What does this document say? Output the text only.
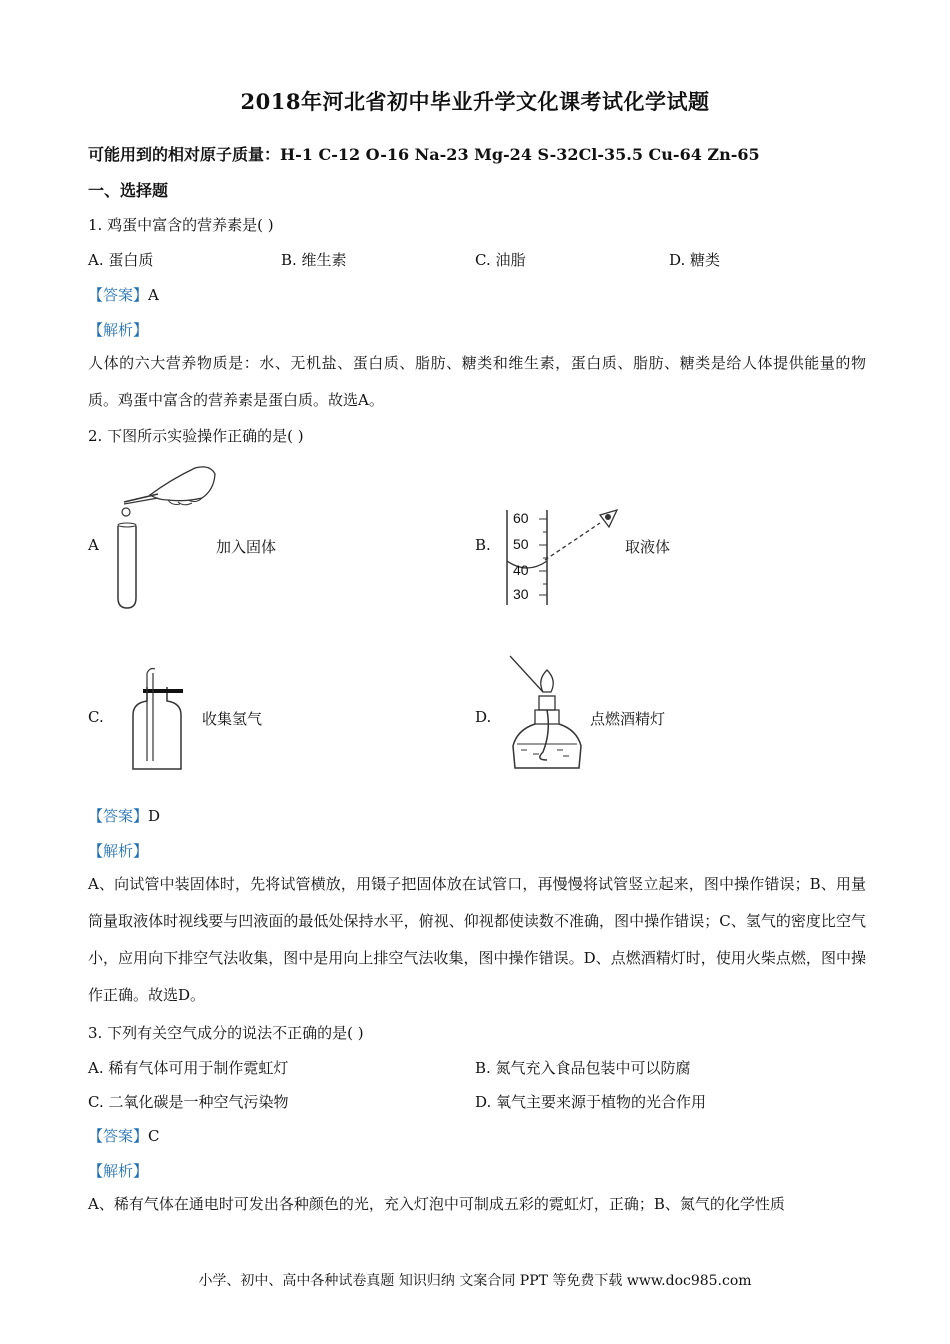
2018年河北省初中毕业升学文化课考试化学试题
可能用到的相对原子质量：H-1 C-12 O-16 Na-23 Mg-24 S-32Cl-35.5 Cu-64 Zn-65
一、选择题
1. 鸡蛋中富含的营养素是( )
A. 蛋白质	B. 维生素	C. 油脂	D. 糖类
【答案】A
【解析】
人体的六大营养物质是：水、无机盐、蛋白质、脂肪、糖类和维生素，蛋白质、脂肪、糖类是给人体提供能量的物质。鸡蛋中富含的营养素是蛋白质。故选A。
2. 下图所示实验操作正确的是( )
A	加入固体	B.
60
50
40
30
取液体
C.	收集氢气	D.	点燃酒精灯
【答案】D
【解析】
A、向试管中装固体时，先将试管横放，用镊子把固体放在试管口，再慢慢将试管竖立起来，图中操作错误；B、用量筒量取液体时视线要与凹液面的最低处保持水平，俯视、仰视都使读数不准确，图中操作错误；C、氢气的密度比空气小，应用向下排空气法收集，图中是用向上排空气法收集，图中操作错误。D、点燃酒精灯时，使用火柴点燃，图中操作正确。故选D。
3. 下列有关空气成分的说法不正确的是( )
A. 稀有气体可用于制作霓虹灯	B. 氮气充入食品包装中可以防腐
C. 二氧化碳是一种空气污染物	D. 氧气主要来源于植物的光合作用
【答案】C
【解析】
A、稀有气体在通电时可发出各种颜色的光，充入灯泡中可制成五彩的霓虹灯，正确；B、氮气的化学性质
小学、初中、高中各种试卷真题 知识归纳 文案合同 PPT 等免费下载 www.doc985.com
